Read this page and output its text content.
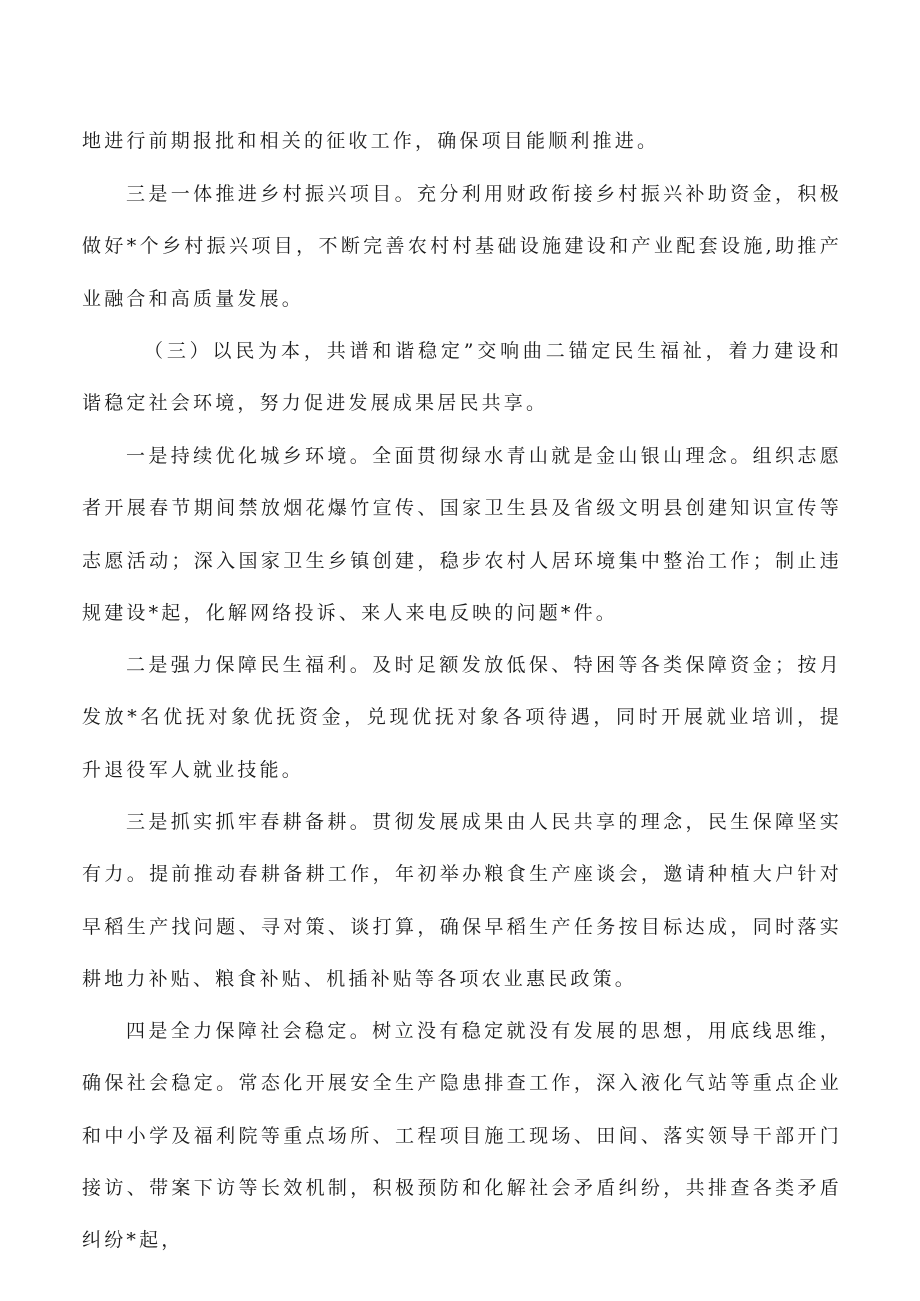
地进行前期报批和相关的征收工作，确保项目能顺利推进。

三是一体推进乡村振兴项目。充分利用财政衔接乡村振兴补助资金，积极做好*个乡村振兴项目，不断完善农村村基础设施建设和产业配套设施,助推产业融合和高质量发展。

（三）以民为本，共谱和谐稳定”交响曲二锚定民生福祉，着力建设和谐稳定社会环境，努力促进发展成果居民共享。

一是持续优化城乡环境。全面贯彻绿水青山就是金山银山理念。组织志愿者开展春节期间禁放烟花爆竹宣传、国家卫生县及省级文明县创建知识宣传等志愿活动；深入国家卫生乡镇创建，稳步农村人居环境集中整治工作；制止违规建设*起，化解网络投诉、来人来电反映的问题*件。

二是强力保障民生福利。及时足额发放低保、特困等各类保障资金；按月发放*名优抚对象优抚资金，兑现优抚对象各项待遇，同时开展就业培训，提升退役军人就业技能。

三是抓实抓牢春耕备耕。贯彻发展成果由人民共享的理念，民生保障坚实有力。提前推动春耕备耕工作，年初举办粮食生产座谈会，邀请种植大户针对早稻生产找问题、寻对策、谈打算，确保早稻生产任务按目标达成，同时落实耕地力补贴、粮食补贴、机插补贴等各项农业惠民政策。

四是全力保障社会稳定。树立没有稳定就没有发展的思想，用底线思维，确保社会稳定。常态化开展安全生产隐患排查工作，深入液化气站等重点企业和中小学及福利院等重点场所、工程项目施工现场、田间、落实领导干部开门接访、带案下访等长效机制，积极预防和化解社会矛盾纠纷，共排查各类矛盾纠纷*起，
